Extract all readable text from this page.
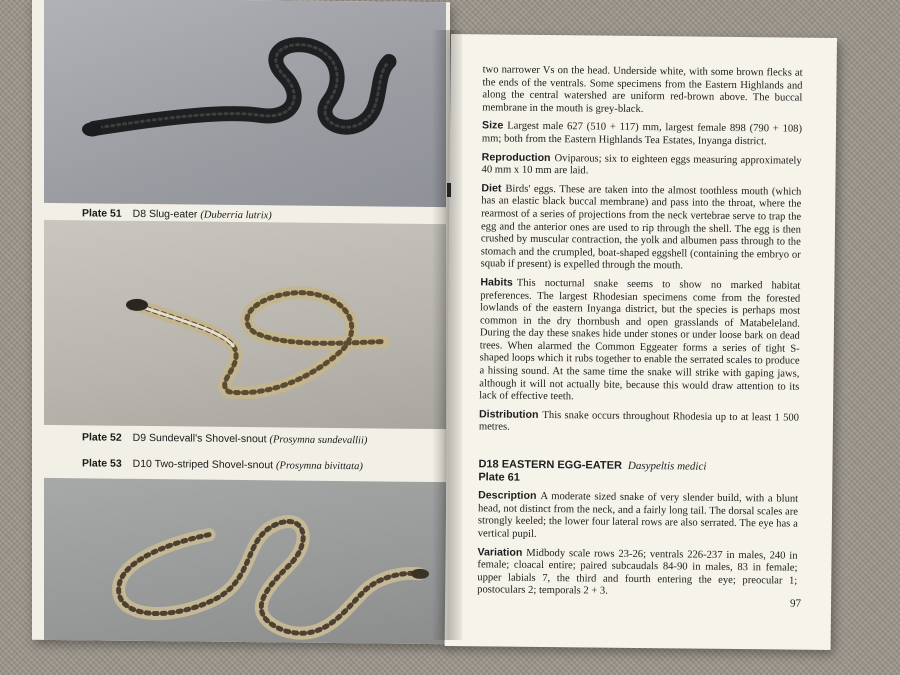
Plate 51 D8 Slug-eater (Duberria lutrix)
Plate 52 D9 Sundevall's Shovel-snout (Prosymna sundevallii)
Plate 53 D10 Two-striped Shovel-snout (Prosymna bivittata)

two narrower Vs on the head. Underside white, with some brown flecks at the ends of the ventrals. Some specimens from the Eastern Highlands and along the central watershed are uniform red-brown above. The buccal membrane in the mouth is grey-black.

Size Largest male 627 (510 + 117) mm, largest female 898 (790 + 108) mm; both from the Eastern Highlands Tea Estates, Inyanga district.

Reproduction Oviparous; six to eighteen eggs measuring approximately 40 mm x 10 mm are laid.

Diet Birds' eggs. These are taken into the almost toothless mouth (which has an elastic black buccal membrane) and pass into the throat, where the rearmost of a series of projections from the neck vertebrae serve to trap the egg and the anterior ones are used to rip through the shell. The egg is then crushed by muscular contraction, the yolk and albumen pass through to the stomach and the crumpled, boat-shaped eggshell (containing the embryo or squab if present) is expelled through the mouth.

Habits This nocturnal snake seems to show no marked habitat preferences. The largest Rhodesian specimens come from the forested lowlands of the eastern Inyanga district, but the species is perhaps most common in the dry thornbush and open grasslands of Matabeleland. During the day these snakes hide under stones or under loose bark on dead trees. When alarmed the Common Eggeater forms a series of tight S-shaped loops which it rubs together to enable the serrated scales to produce a hissing sound. At the same time the snake will strike with gaping jaws, although it will not actually bite, because this would draw attention to its lack of effective teeth.

Distribution This snake occurs throughout Rhodesia up to at least 1 500 metres.

D18 EASTERN EGG-EATER Dasypeltis medici
Plate 61

Description A moderate sized snake of very slender build, with a blunt head, not distinct from the neck, and a fairly long tail. The dorsal scales are strongly keeled; the lower four lateral rows are also serrated. The eye has a vertical pupil.

Variation Midbody scale rows 23-26; ventrals 226-237 in males, 240 in female; cloacal entire; paired subcaudals 84-90 in males, 83 in female; upper labials 7, the third and fourth entering the eye; preocular 1; postoculars 2; temporals 2 + 3.

97
